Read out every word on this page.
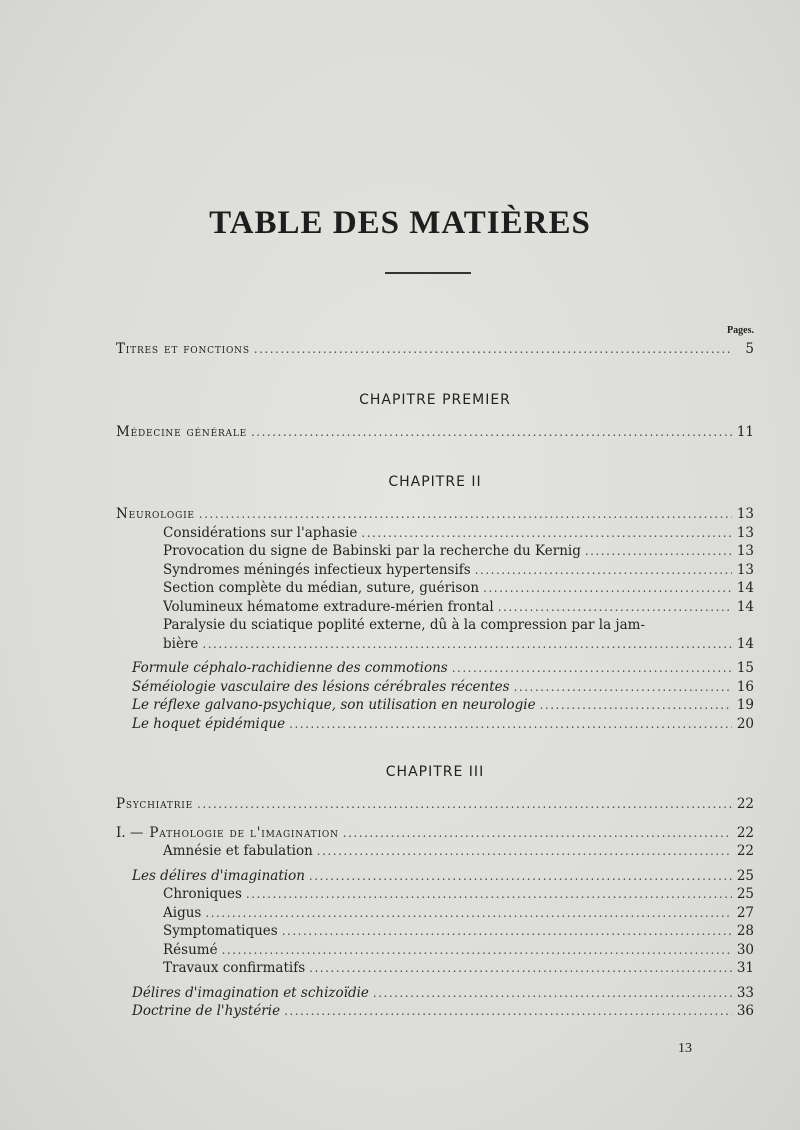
TABLE DES MATIÈRES
Pages.
Titres et fonctions .....	5
CHAPITRE PREMIER
Médecine générale .....	11
CHAPITRE II
Neurologie .....	13
Considérations sur l'aphasie .....	13
Provocation du signe de Babinski par la recherche du Kernig .....	13
Syndromes méningés infectieux hypertensifs .....	13
Section complète du médian, suture, guérison .....	14
Volumineux hématome extradure-mérien frontal .....	14
Paralysie du sciatique poplité externe, dû à la compression par la jam-
bière .....	14
Formule céphalo-rachidienne des commotions .....	15
Séméiologie vasculaire des lésions cérébrales récentes .....	16
Le réflexe galvano-psychique, son utilisation en neurologie .....	19
Le hoquet épidémique .....	20
CHAPITRE III
Psychiatrie .....	22
I. — Pathologie de l'imagination .....	22
Amnésie et fabulation .....	22
Les délires d'imagination .....	25
Chroniques .....	25
Aigus .....	27
Symptomatiques .....	28
Résumé .....	30
Travaux confirmatifs .....	31
Délires d'imagination et schizoïdie .....	33
Doctrine de l'hystérie .....	36
13
